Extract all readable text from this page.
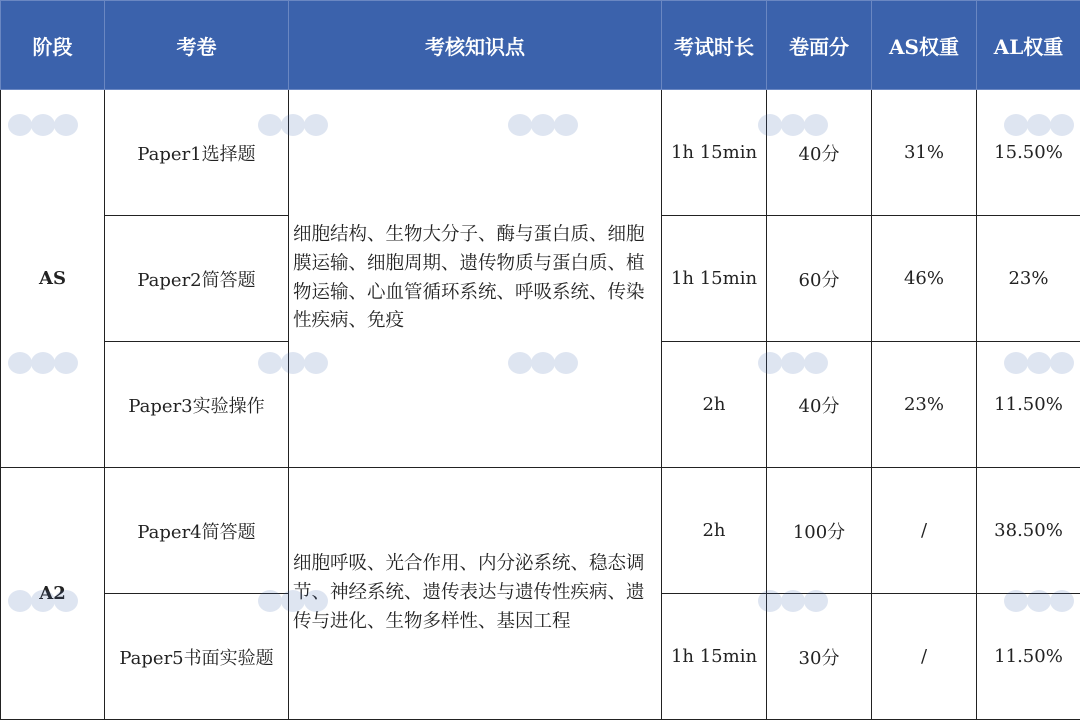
阶段	考卷	考核知识点	考试时长	卷面分	AS权重	AL权重
AS	Paper1选择题	细胞结构、生物大分子、酶与蛋白质、细胞膜运输、细胞周期、遗传物质与蛋白质、植物运输、心血管循环系统、呼吸系统、传染性疾病、免疫	1h 15min	40分	31%	15.50%
	Paper2简答题		1h 15min	60分	46%	23%
	Paper3实验操作		2h	40分	23%	11.50%
A2	Paper4简答题	细胞呼吸、光合作用、内分泌系统、稳态调节、神经系统、遗传表达与遗传性疾病、遗传与进化、生物多样性、基因工程	2h	100分	/	38.50%
	Paper5书面实验题		1h 15min	30分	/	11.50%
